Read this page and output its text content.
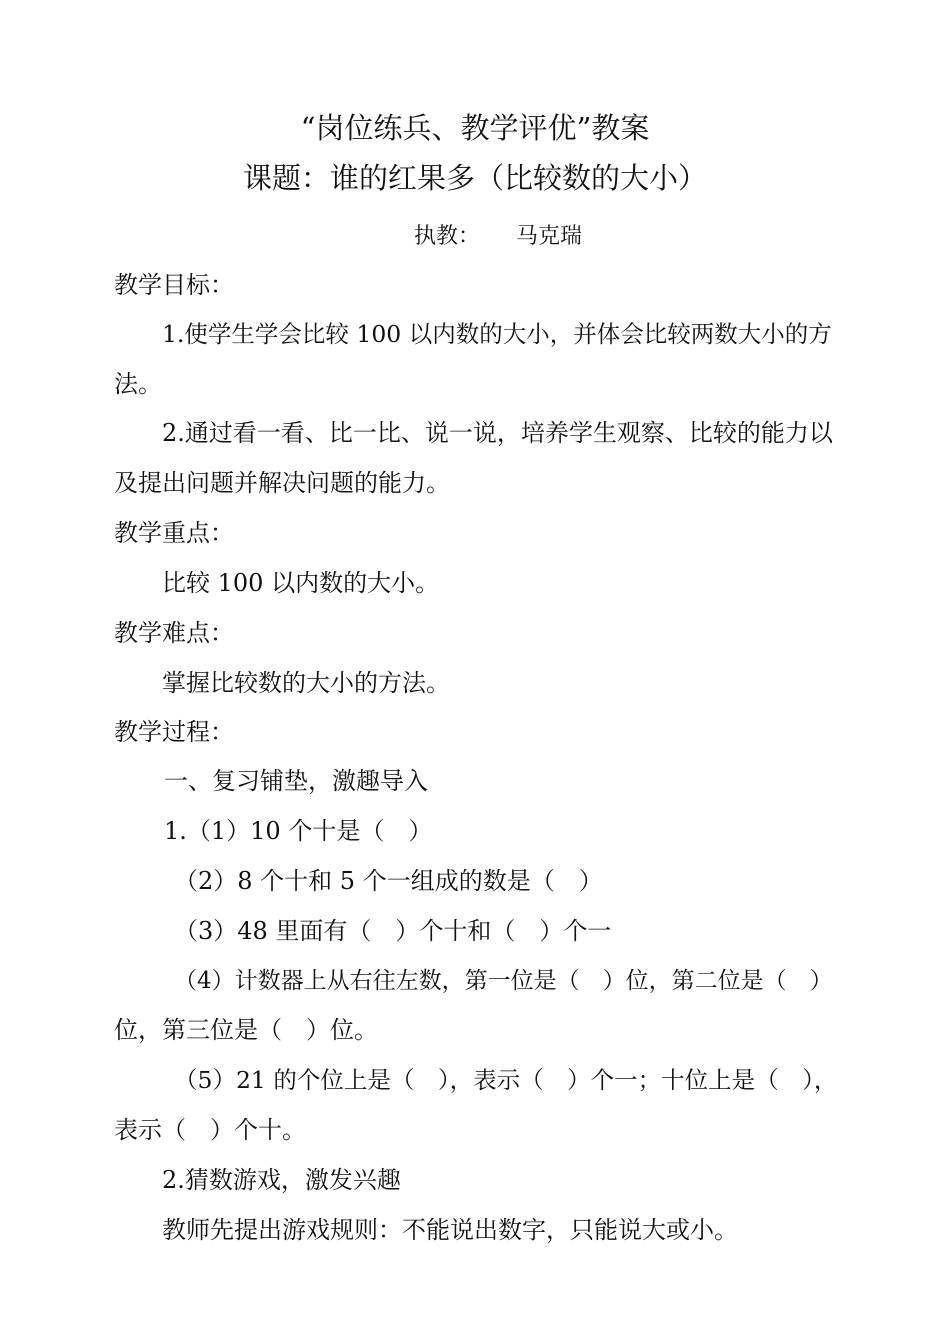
“岗位练兵、教学评优”教案
课题：谁的红果多（比较数的大小）
执教： 马克瑞
教学目标：
1.使学生学会比较 100 以内数的大小，并体会比较两数大小的方
法。
2.通过看一看、比一比、说一说，培养学生观察、比较的能力以
及提出问题并解决问题的能力。
教学重点：
比较 100 以内数的大小。
教学难点：
掌握比较数的大小的方法。
教学过程：
一、复习铺垫，激趣导入
1.（1）10 个十是（　）
（2）8 个十和 5 个一组成的数是（　）
（3）48 里面有（　）个十和（　）个一
（4）计数器上从右往左数，第一位是（　）位，第二位是（　）
位，第三位是（　）位。
（5）21 的个位上是（　），表示（　）个一；十位上是（　），
表示（　）个十。
2.猜数游戏，激发兴趣
教师先提出游戏规则：不能说出数字，只能说大或小。
